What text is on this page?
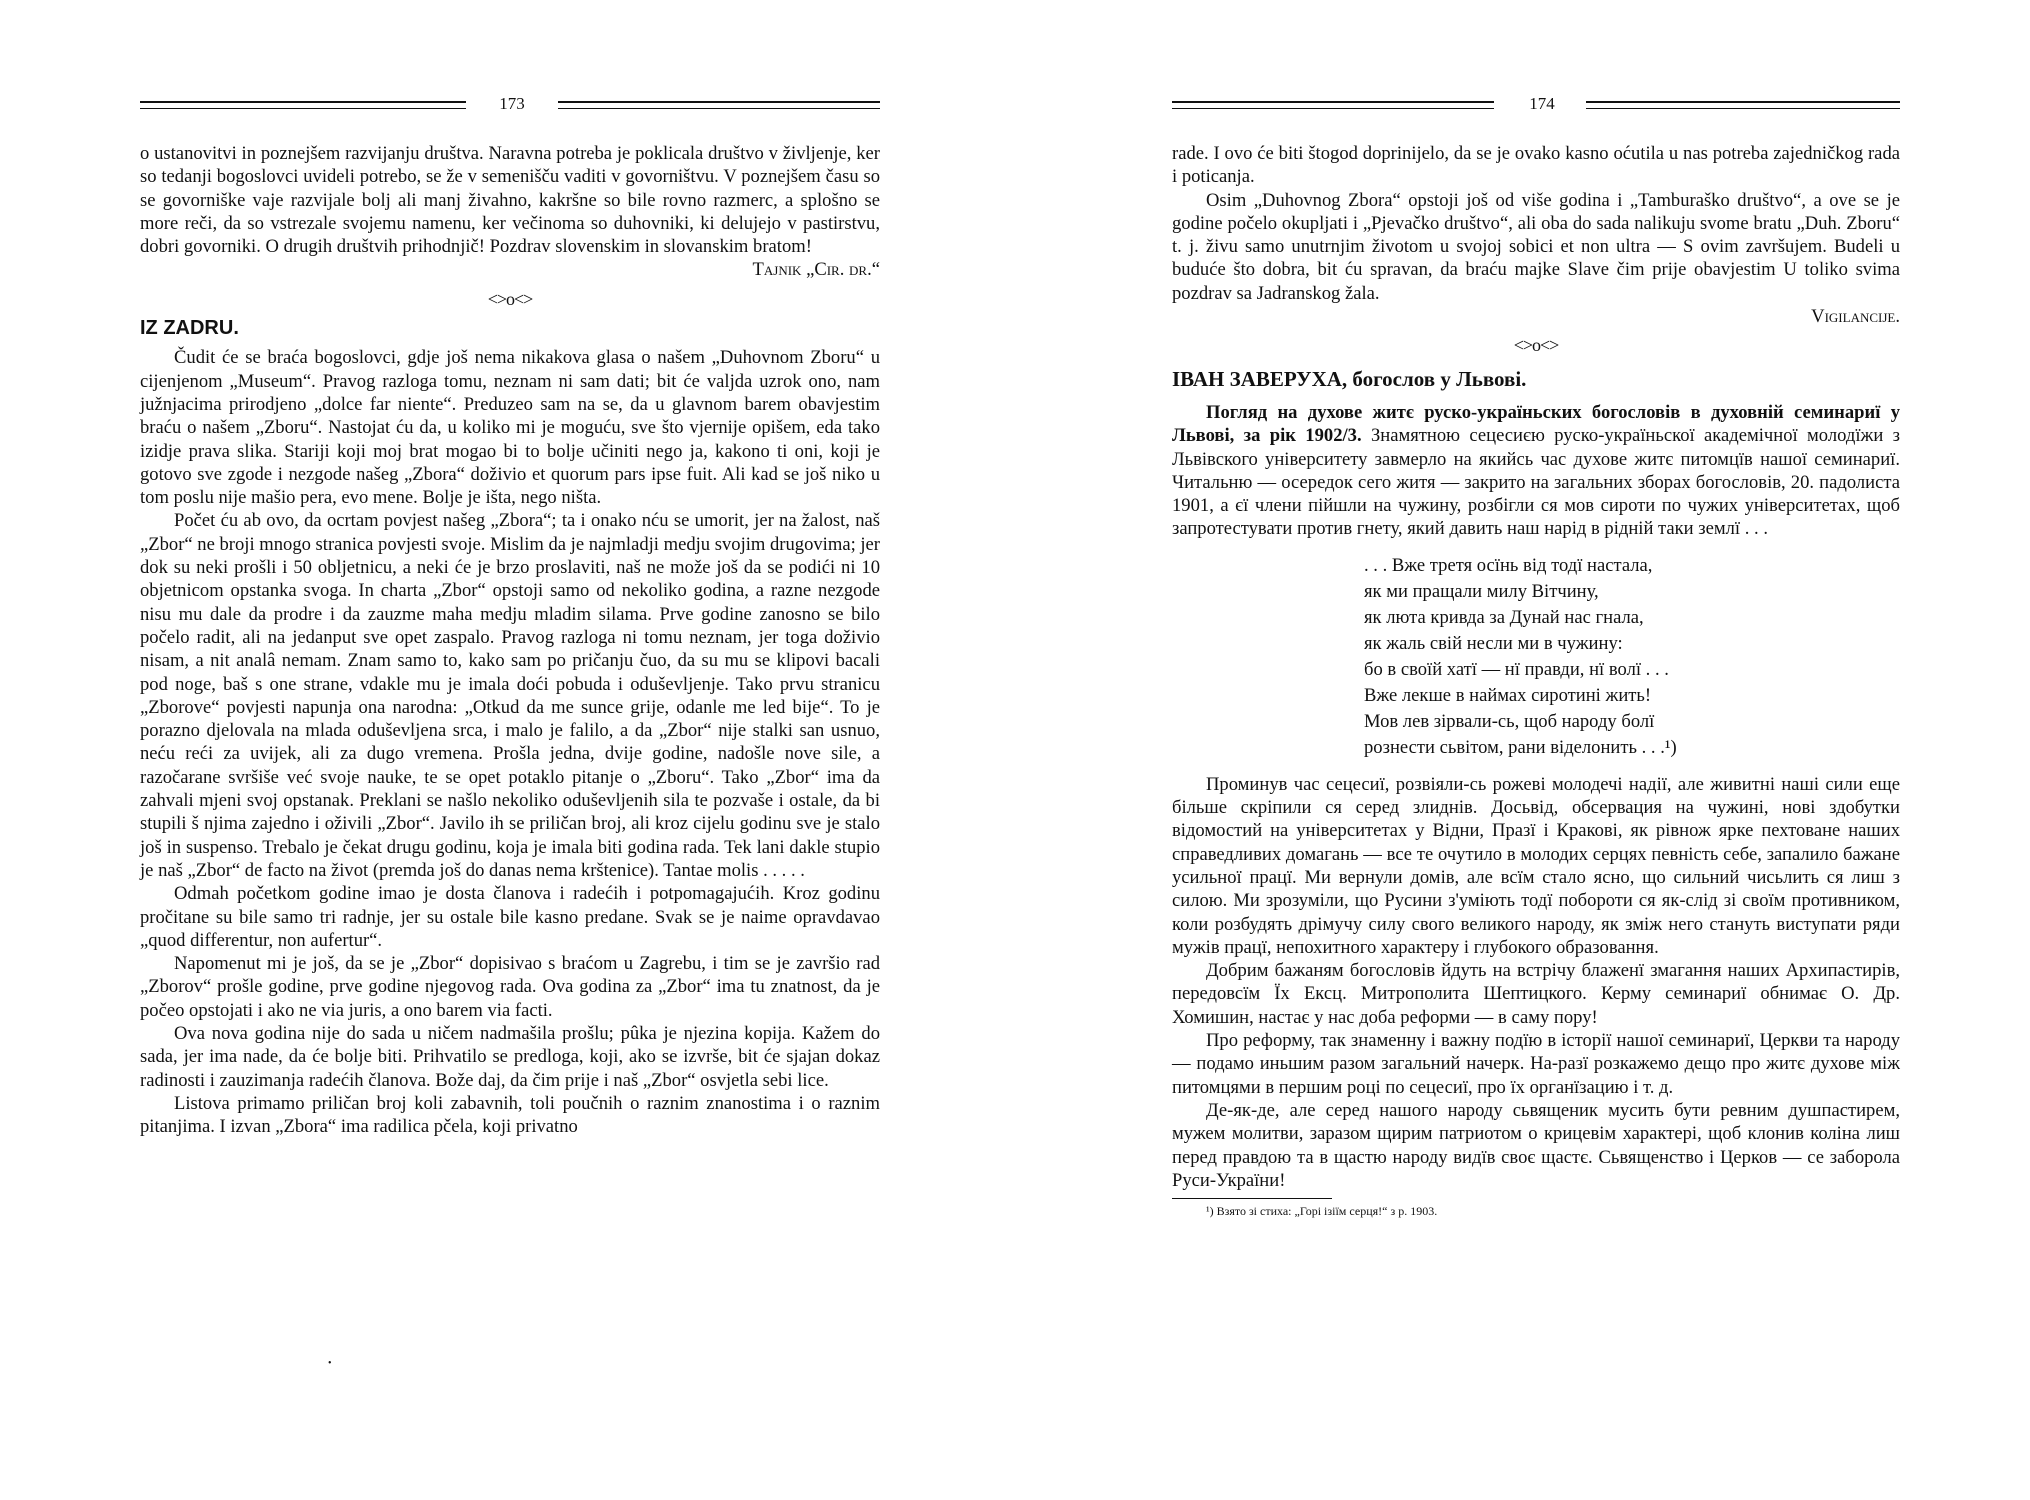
173

o ustanovitvi in poznejšem razvijanju društva. Naravna potreba je poklicala društvo v življenje, ker so tedanji bogoslovci uvideli potrebo, se že v semenišču vaditi v govorništvu. V poznejšem času so se govorniške vaje razvijale bolj ali manj živahno, kakršne so bile rovno razmerc, a splošno se more reči, da so vstrezale svojemu namenu, ker večinoma so duhovniki, ki delujejo v pastirstvu, dobri govorniki. O drugih društvih prihodnjič! Pozdrav slovenskim in slovanskim bratom!

Tajnik „Cir. dr.“
<>o<>
IZ ZADRU.

Čudit će se braća bogoslovci, gdje još nema nikakova glasa o našem „Duhovnom Zboru“ u cijenjenom „Museum“. Pravog razloga tomu, neznam ni sam dati; bit će valjda uzrok ono, nam južnjacima prirodjeno „dolce far niente“. Preduzeo sam na se, da u glavnom barem obavjestim braću o našem „Zboru“. Nastojat ću da, u koliko mi je moguću, sve što vjernije opišem, eda tako izidje prava slika. Stariji koji moj brat mogao bi to bolje učiniti nego ja, kakono ti oni, koji je gotovo sve zgode i nezgode našeg „Zbora“ doživio et quorum pars ipse fuit. Ali kad se još niko u tom poslu nije mašio pera, evo mene. Bolje je išta, nego ništa.

Počet ću ab ovo, da ocrtam povjest našeg „Zbora“; ta i onako nću se umorit, jer na žalost, naš „Zbor“ ne broji mnogo stranica povjesti svoje. Mislim da je najmladji medju svojim drugovima; jer dok su neki prošli i 50 obljetnicu, a neki će je brzo proslaviti, naš ne može još da se podići ni 10 objetnicom opstanka svoga. In charta „Zbor“ opstoji samo od nekoliko godina, a razne nezgode nisu mu dale da prodre i da zauzme maha medju mladim silama. Prve godine zanosno se bilo počelo radit, ali na jedanput sve opet zaspalo. Pravog razloga ni tomu neznam, jer toga doživio nisam, a nit analâ nemam. Znam samo to, kako sam po pričanju čuo, da su mu se klipovi bacali pod noge, baš s one strane, vdakle mu je imala doći pobuda i oduševljenje. Tako prvu stranicu „Zborove“ povjesti napunja ona narodna: „Otkud da me sunce grije, odanle me led bije“. To je porazno djelovala na mlada oduševljena srca, i malo je falilo, a da „Zbor“ nije stalki san usnuo, neću reći za uvijek, ali za dugo vremena. Prošla jedna, dvije godine, nadošle nove sile, a razočarane svršiše već svoje nauke, te se opet potaklo pitanje o „Zboru“. Tako „Zbor“ ima da zahvali mjeni svoj opstanak. Preklani se našlo nekoliko oduševljenih sila te pozvaše i ostale, da bi stupili š njima zajedno i oživili „Zbor“. Javilo ih se priličan broj, ali kroz cijelu godinu sve je stalo još in suspenso. Trebalo je čekat drugu godinu, koja je imala biti godina rada. Tek lani dakle stupio je naš „Zbor“ de facto na život (premda još do danas nema krštenice). Tantae molis . . . . .

Odmah početkom godine imao je dosta članova i radećih i potpomagajućih. Kroz godinu pročitane su bile samo tri radnje, jer su ostale bile kasno predane. Svak se je naime opravdavao „quod differentur, non aufertur“.

Napomenut mi je još, da se je „Zbor“ dopisivao s braćom u Zagrebu, i tim se je završio rad „Zborov“ prošle godine, prve godine njegovog rada. Ova godina za „Zbor“ ima tu znatnost, da je počeo opstojati i ako ne via juris, a ono barem via facti.

Ova nova godina nije do sada u ničem nadmašila prošlu; pûka je njezina kopija. Kažem do sada, jer ima nade, da će bolje biti. Prihvatilo se predloga, koji, ako se izvrše, bit će sjajan dokaz radinosti i zauzimanja radećih članova. Bože daj, da čim prije i naš „Zbor“ osvjetla sebi lice.

Listova primamo priličan broj koli zabavnih, toli poučnih o raznim znanostima i o raznim pitanjima. I izvan „Zbora“ ima radilica pčela, koji privatno

174

rade. I ovo će biti štogod doprinijelo, da se je ovako kasno oćutila u nas potreba zajedničkog rada i poticanja.

Osim „Duhovnog Zbora“ opstoji još od više godina i „Tamburaško društvo“, a ove se je godine počelo okupljati i „Pjevačko društvo“, ali oba do sada nalikuju svome bratu „Duh. Zboru“ t. j. živu samo unutrnjim životom u svojoj sobici et non ultra — S ovim završujem. Budeli u buduće što dobra, bit ću spravan, da braću majke Slave čim prije obavjestim U toliko svima pozdrav sa Jadranskog žala.

Vigilancije.
<>o<>
ІВАН ЗАВЕРУХА, богослов у Львові.

Погляд на духове житє руско-україньских богословів в духовній семинариї у Львові, за рік 1902/3. Знамятною сецесиєю руско-україньскої академічної молодїжи з Львівского університету завмерло на якийсь час духове житє питомцїв нашої семинариї. Читальню — осередок сего житя — закрито на загальних зборах богословів, 20. падолиста 1901, а єї члени пійшли на чужину, розбігли ся мов сироти по чужих університетах, щоб запротестувати против гнету, який давить наш нарід в рідній таки землї . . .

. . . Вже третя осїнь від тодї настала,
як ми пращали милу Вітчину,
як люта кривда за Дунай нас гнала,
як жаль свій несли ми в чужину:
бо в своїй хатї — нї правди, нї волї . . .
Вже лекше в наймах сиротині жить!
Мов лев зірвали-сь, щоб народу болї
рознести сьвітом, рани віделонить . . .¹)

Проминув час сецесиї, розвіяли-сь рожеві молодечі надії, але живитні наші сили еще більше скріпили ся серед злиднів. Досьвід, обсервация на чужині, нові здобутки відомостий на університетах у Відни, Празї і Кракові, як рівнож ярке пехтоване наших справедливих домагань — все те очутило в молодих серцях певність себе, запалило бажане усильної працї. Ми вернули домів, але всїм стало ясно, що сильний чисьлить ся лиш з силою. Ми зрозуміли, що Русини з'уміють тодї побороти ся як-слід зі своїм противником, коли розбудять дрімучу силу свого великого народу, як зміж него стануть виступати ряди мужів працї, непохитного характеру і глубокого образовання.

Добрим бажаням богословів йдуть на встрічу блаженї змагання наших Архипастирів, передовсїм Їх Ексц. Митрополита Шептицкого. Керму семинариї обнимає О. Др. Хомишин, настає у нас доба реформи — в саму пору!

Про реформу, так знаменну і важну подїю в історії нашої семинариї, Церкви та народу — подамо иньшим разом загальний начерк. На-разї розкажемо дещо про житє духове між питомцями в першим році по сецесиї, про їх органїзацию і т. д.

Де-як-де, але серед нашого народу сьвященик мусить бути ревним душпастирем, мужем молитви, заразом щирим патриотом о крицевім характері, щоб клонив коліна лиш перед правдою та в щастю народу видїв своє щастє. Сьвященство і Церков — се заборола Руси-України!

¹) Взято зі стиха: „Горі ізіїм серця!“ з р. 1903.

•
